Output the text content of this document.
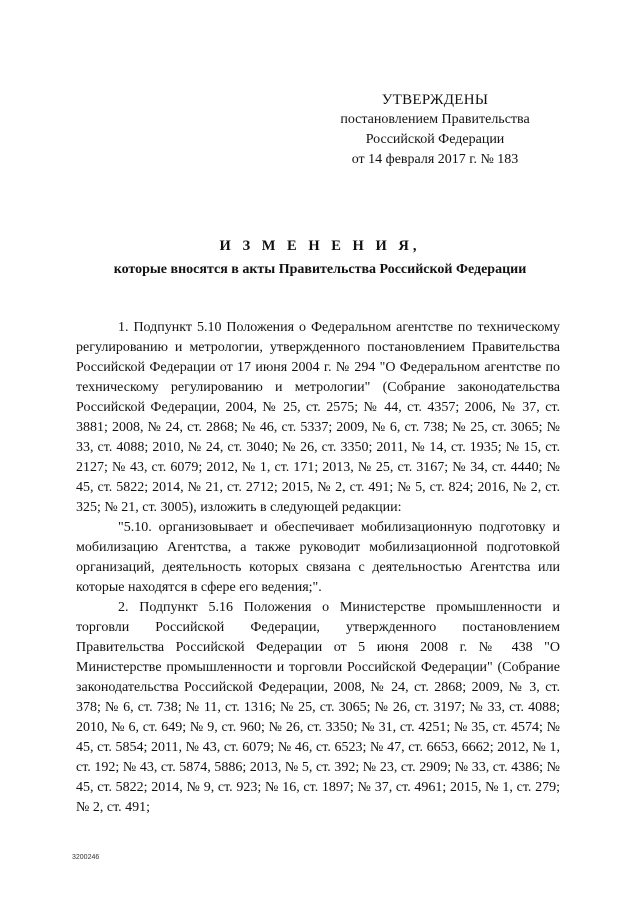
УТВЕРЖДЕНЫ
постановлением Правительства
Российской Федерации
от 14 февраля 2017 г. № 183
И З М Е Н Е Н И Я,
которые вносятся в акты Правительства Российской Федерации

1. Подпункт 5.10 Положения о Федеральном агентстве по техническому регулированию и метрологии, утвержденного постановлением Правительства Российской Федерации от 17 июня 2004 г. № 294 "О Федеральном агентстве по техническому регулированию и метрологии" (Собрание законодательства Российской Федерации, 2004, № 25, ст. 2575; № 44, ст. 4357; 2006, № 37, ст. 3881; 2008, № 24, ст. 2868; № 46, ст. 5337; 2009, № 6, ст. 738; № 25, ст. 3065; № 33, ст. 4088; 2010, № 24, ст. 3040; № 26, ст. 3350; 2011, № 14, ст. 1935; № 15, ст. 2127; № 43, ст. 6079; 2012, № 1, ст. 171; 2013, № 25, ст. 3167; № 34, ст. 4440; № 45, ст. 5822; 2014, № 21, ст. 2712; 2015, № 2, ст. 491; № 5, ст. 824; 2016, № 2, ст. 325; № 21, ст. 3005), изложить в следующей редакции:

"5.10. организовывает и обеспечивает мобилизационную подготовку и мобилизацию Агентства, а также руководит мобилизационной подготовкой организаций, деятельность которых связана с деятельностью Агентства или которые находятся в сфере его ведения;".

2. Подпункт 5.16 Положения о Министерстве промышленности и торговли Российской Федерации, утвержденного постановлением Правительства Российской Федерации от 5 июня 2008 г. № 438 "О Министерстве промышленности и торговли Российской Федерации" (Собрание законодательства Российской Федерации, 2008, № 24, ст. 2868; 2009, № 3, ст. 378; № 6, ст. 738; № 11, ст. 1316; № 25, ст. 3065; № 26, ст. 3197; № 33, ст. 4088; 2010, № 6, ст. 649; № 9, ст. 960; № 26, ст. 3350; № 31, ст. 4251; № 35, ст. 4574; № 45, ст. 5854; 2011, № 43, ст. 6079; № 46, ст. 6523; № 47, ст. 6653, 6662; 2012, № 1, ст. 192; № 43, ст. 5874, 5886; 2013, № 5, ст. 392; № 23, ст. 2909; № 33, ст. 4386; № 45, ст. 5822; 2014, № 9, ст. 923; № 16, ст. 1897; № 37, ст. 4961; 2015, № 1, ст. 279; № 2, ст. 491;

3200246
